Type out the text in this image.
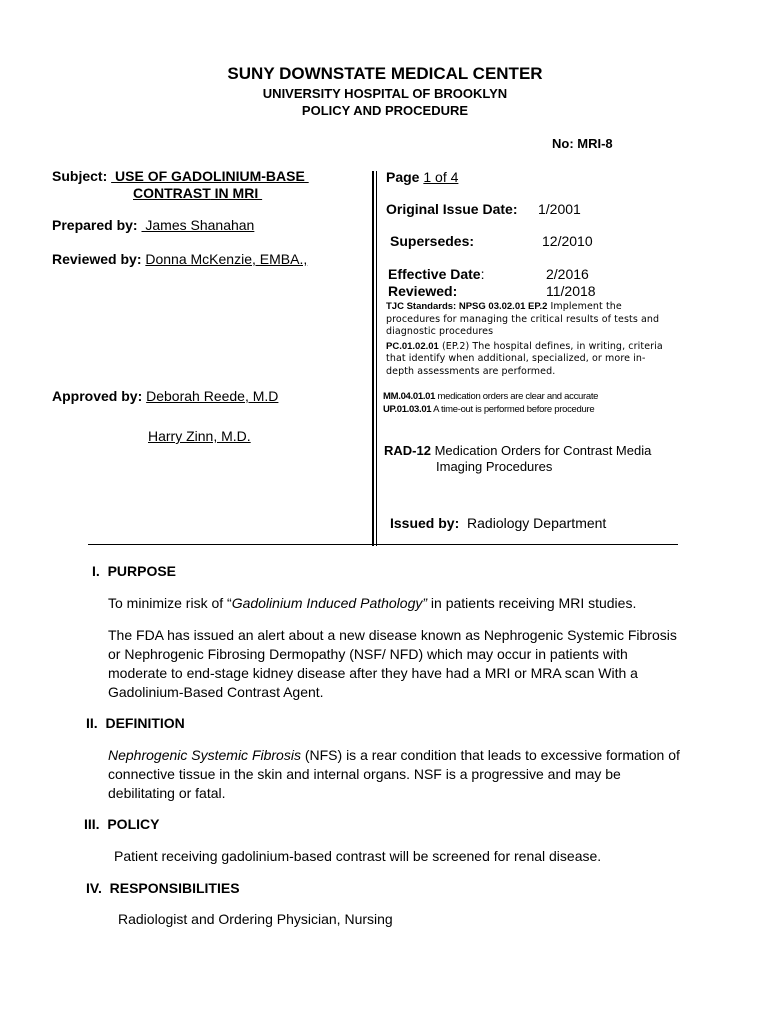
SUNY DOWNSTATE MEDICAL CENTER
UNIVERSITY HOSPITAL OF BROOKLYN
POLICY AND PROCEDURE
No: MRI-8
Subject:  USE OF GADOLINIUM-BASE
CONTRAST IN MRI
Prepared by:  James Shanahan
Reviewed by: Donna McKenzie, EMBA.,
Approved by: Deborah Reede, M.D
Harry Zinn, M.D.
Page 1 of 4
Original Issue Date: 1/2001
Supersedes:	12/2010
Effective Date:	2/2016
Reviewed:	11/2018
TJC Standards: NPSG 03.02.01 EP.2 Implement the
procedures for managing the critical results of tests and
diagnostic procedures
PC.01.02.01 (EP.2) The hospital defines, in writing, criteria
that identify when additional, specialized, or more in-
depth assessments are performed.
MM.04.01.01 medication orders are clear and accurate
UP.01.03.01 A time-out is performed before procedure
RAD-12 Medication Orders for Contrast Media
Imaging Procedures
Issued by:  Radiology Department
I. PURPOSE
To minimize risk of “Gadolinium Induced Pathology” in patients receiving MRI studies.
The FDA has issued an alert about a new disease known as Nephrogenic Systemic Fibrosis or Nephrogenic Fibrosing Dermopathy (NSF/ NFD) which may occur in patients with moderate to end-stage kidney disease after they have had a MRI or MRA scan With a Gadolinium-Based Contrast Agent.
II. DEFINITION
Nephrogenic Systemic Fibrosis (NFS) is a rear condition that leads to excessive formation of connective tissue in the skin and internal organs. NSF is a progressive and may be debilitating or fatal.
III. POLICY
Patient receiving gadolinium-based contrast will be screened for renal disease.
IV. RESPONSIBILITIES
Radiologist and Ordering Physician, Nursing
